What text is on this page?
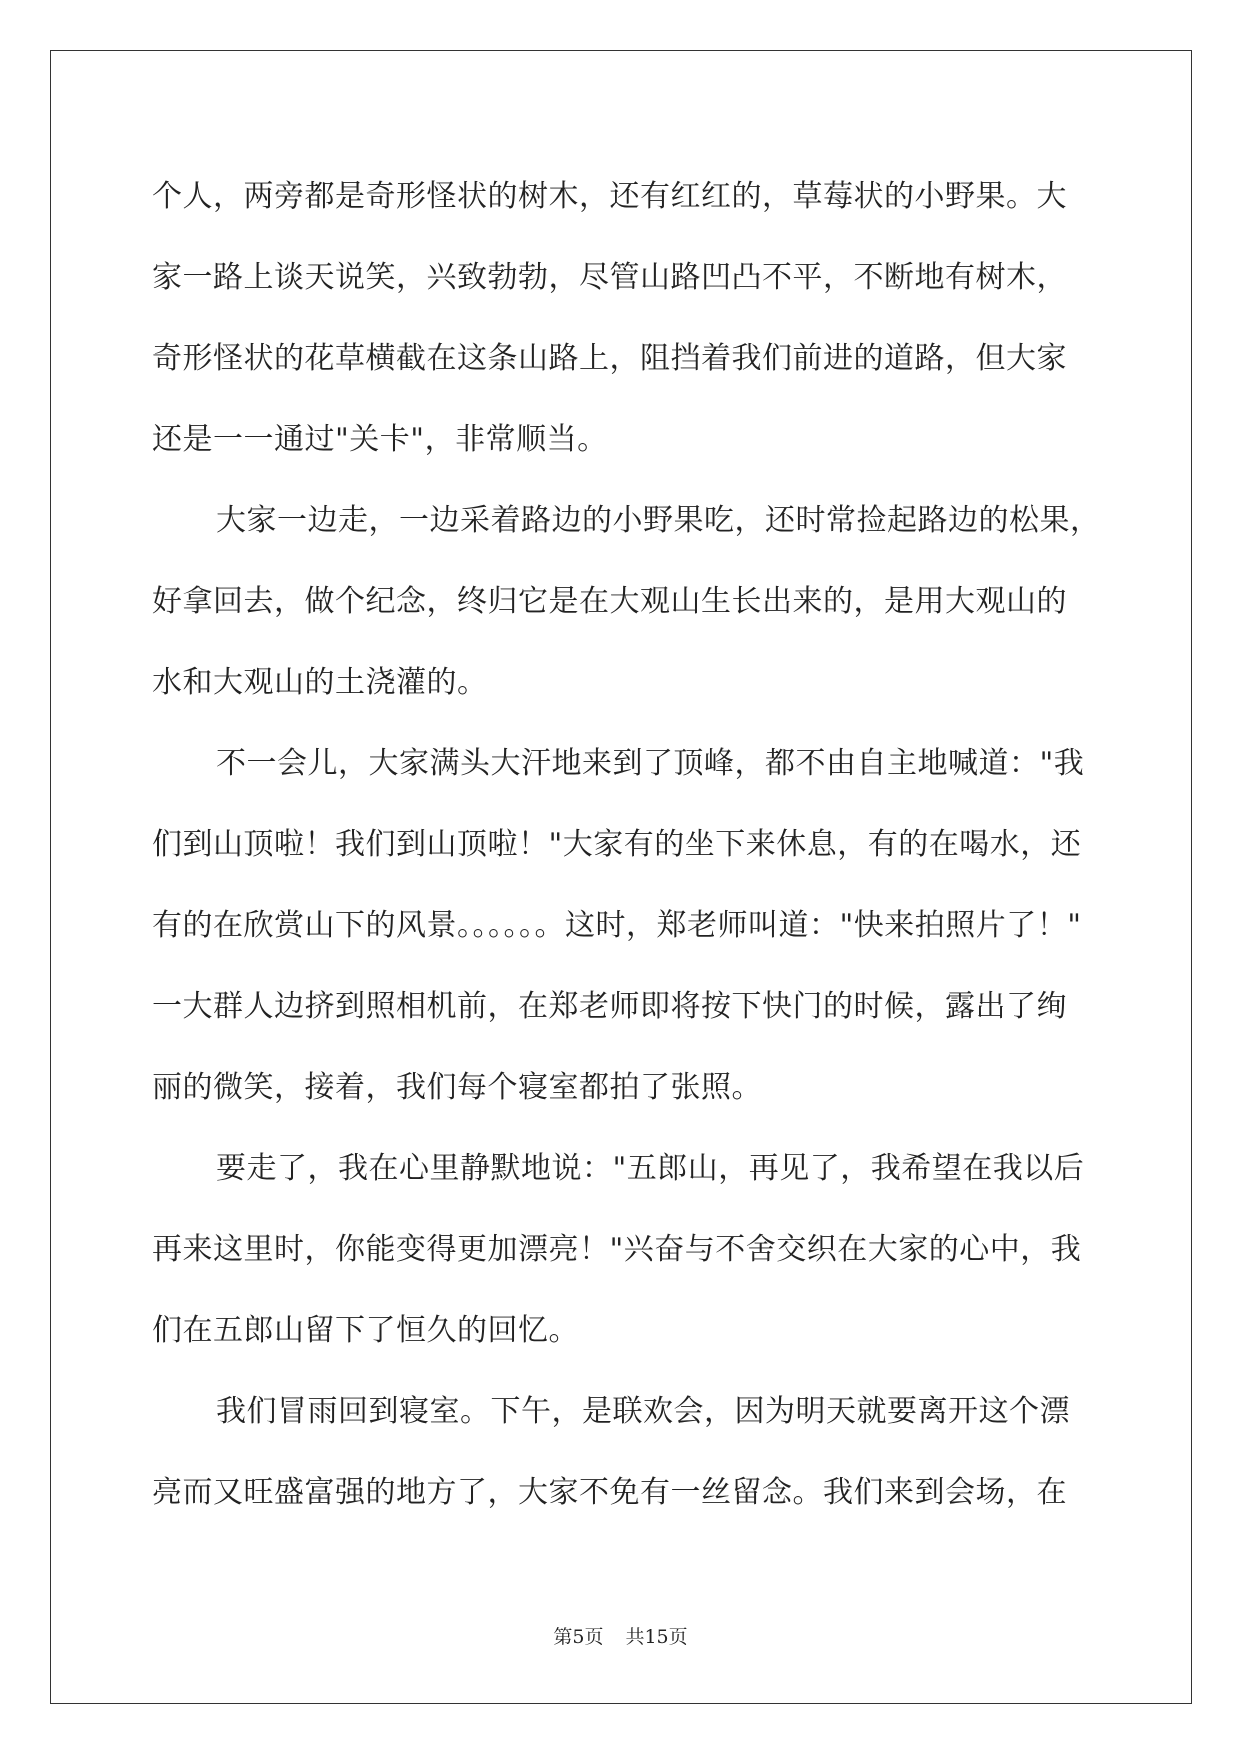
个人，两旁都是奇形怪状的树木，还有红红的，草莓状的小野果。大
家一路上谈天说笑，兴致勃勃，尽管山路凹凸不平，不断地有树木，
奇形怪状的花草横截在这条山路上，阻挡着我们前进的道路，但大家
还是一一通过"关卡"，非常顺当。
大家一边走，一边采着路边的小野果吃，还时常捡起路边的松果，
好拿回去，做个纪念，终归它是在大观山生长出来的，是用大观山的
水和大观山的土浇灌的。
不一会儿，大家满头大汗地来到了顶峰，都不由自主地喊道："我
们到山顶啦！我们到山顶啦！"大家有的坐下来休息，有的在喝水，还
有的在欣赏山下的风景。。。。。。这时，郑老师叫道："快来拍照片了！"
一大群人边挤到照相机前，在郑老师即将按下快门的时候，露出了绚
丽的微笑，接着，我们每个寝室都拍了张照。
要走了，我在心里静默地说："五郎山，再见了，我希望在我以后
再来这里时，你能变得更加漂亮！"兴奋与不舍交织在大家的心中，我
们在五郎山留下了恒久的回忆。
我们冒雨回到寝室。下午，是联欢会，因为明天就要离开这个漂
亮而又旺盛富强的地方了，大家不免有一丝留念。我们来到会场，在
第5页 共15页
